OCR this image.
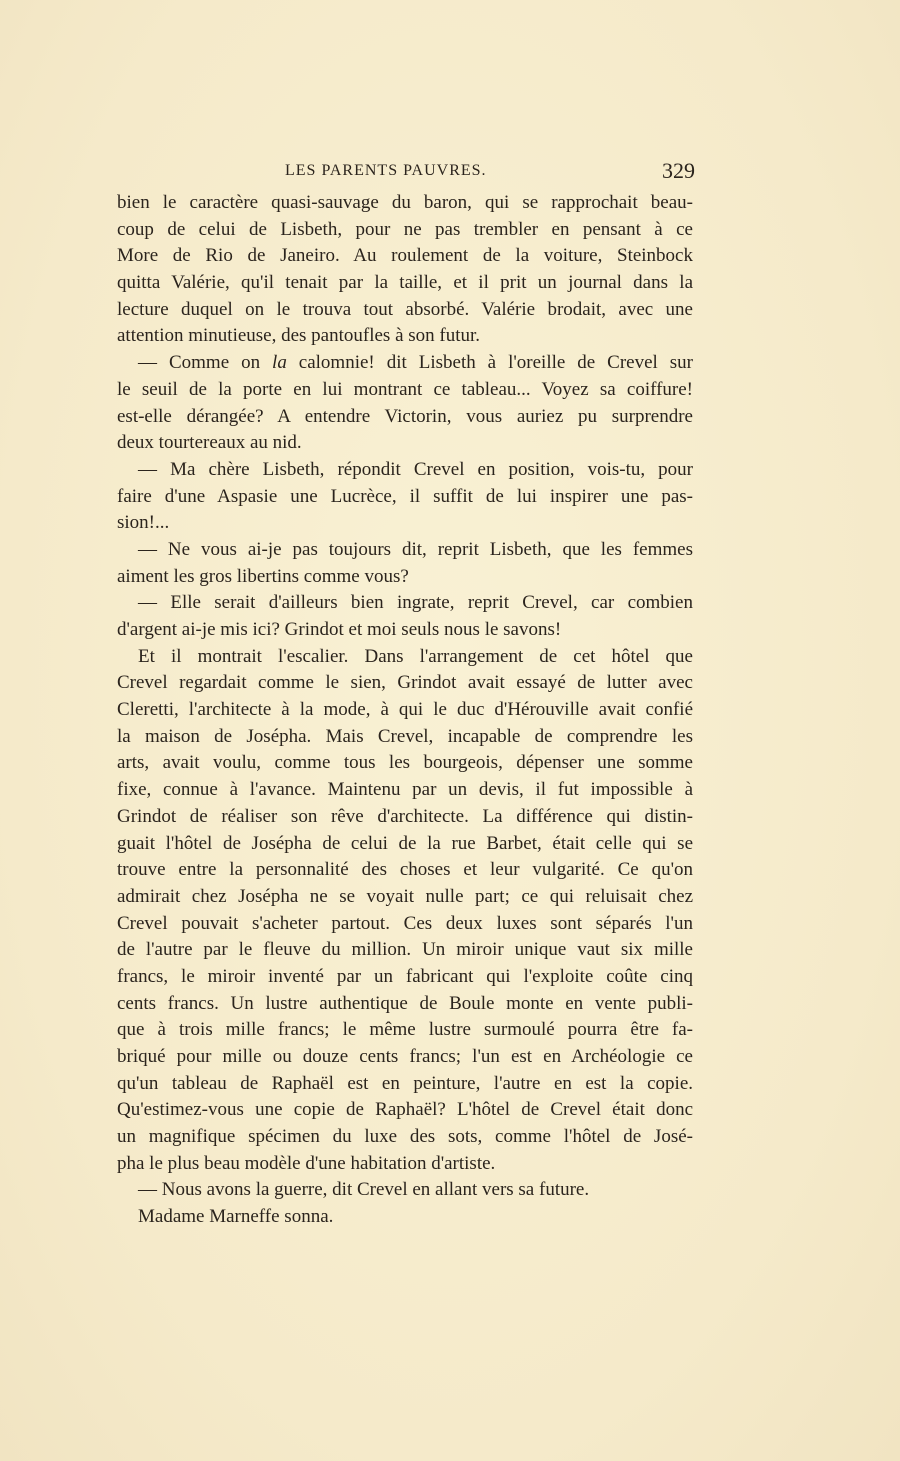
LES PARENTS PAUVRES.	329
bien le caractère quasi-sauvage du baron, qui se rapprochait beau-
coup de celui de Lisbeth, pour ne pas trembler en pensant à ce
More de Rio de Janeiro. Au roulement de la voiture, Steinbock
quitta Valérie, qu'il tenait par la taille, et il prit un journal dans la
lecture duquel on le trouva tout absorbé. Valérie brodait, avec une
attention minutieuse, des pantoufles à son futur.
— Comme on la calomnie! dit Lisbeth à l'oreille de Crevel sur
le seuil de la porte en lui montrant ce tableau... Voyez sa coiffure!
est-elle dérangée? A entendre Victorin, vous auriez pu surprendre
deux tourtereaux au nid.
— Ma chère Lisbeth, répondit Crevel en position, vois-tu, pour
faire d'une Aspasie une Lucrèce, il suffit de lui inspirer une pas-
sion!...
— Ne vous ai-je pas toujours dit, reprit Lisbeth, que les femmes
aiment les gros libertins comme vous?
— Elle serait d'ailleurs bien ingrate, reprit Crevel, car combien
d'argent ai-je mis ici? Grindot et moi seuls nous le savons!
Et il montrait l'escalier. Dans l'arrangement de cet hôtel que
Crevel regardait comme le sien, Grindot avait essayé de lutter avec
Cleretti, l'architecte à la mode, à qui le duc d'Hérouville avait confié
la maison de Josépha. Mais Crevel, incapable de comprendre les
arts, avait voulu, comme tous les bourgeois, dépenser une somme
fixe, connue à l'avance. Maintenu par un devis, il fut impossible à
Grindot de réaliser son rêve d'architecte. La différence qui distin-
guait l'hôtel de Josépha de celui de la rue Barbet, était celle qui se
trouve entre la personnalité des choses et leur vulgarité. Ce qu'on
admirait chez Josépha ne se voyait nulle part; ce qui reluisait chez
Crevel pouvait s'acheter partout. Ces deux luxes sont séparés l'un
de l'autre par le fleuve du million. Un miroir unique vaut six mille
francs, le miroir inventé par un fabricant qui l'exploite coûte cinq
cents francs. Un lustre authentique de Boule monte en vente publi-
que à trois mille francs; le même lustre surmoulé pourra être fa-
briqué pour mille ou douze cents francs; l'un est en Archéologie ce
qu'un tableau de Raphaël est en peinture, l'autre en est la copie.
Qu'estimez-vous une copie de Raphaël? L'hôtel de Crevel était donc
un magnifique spécimen du luxe des sots, comme l'hôtel de José-
pha le plus beau modèle d'une habitation d'artiste.
— Nous avons la guerre, dit Crevel en allant vers sa future.
Madame Marneffe sonna.
